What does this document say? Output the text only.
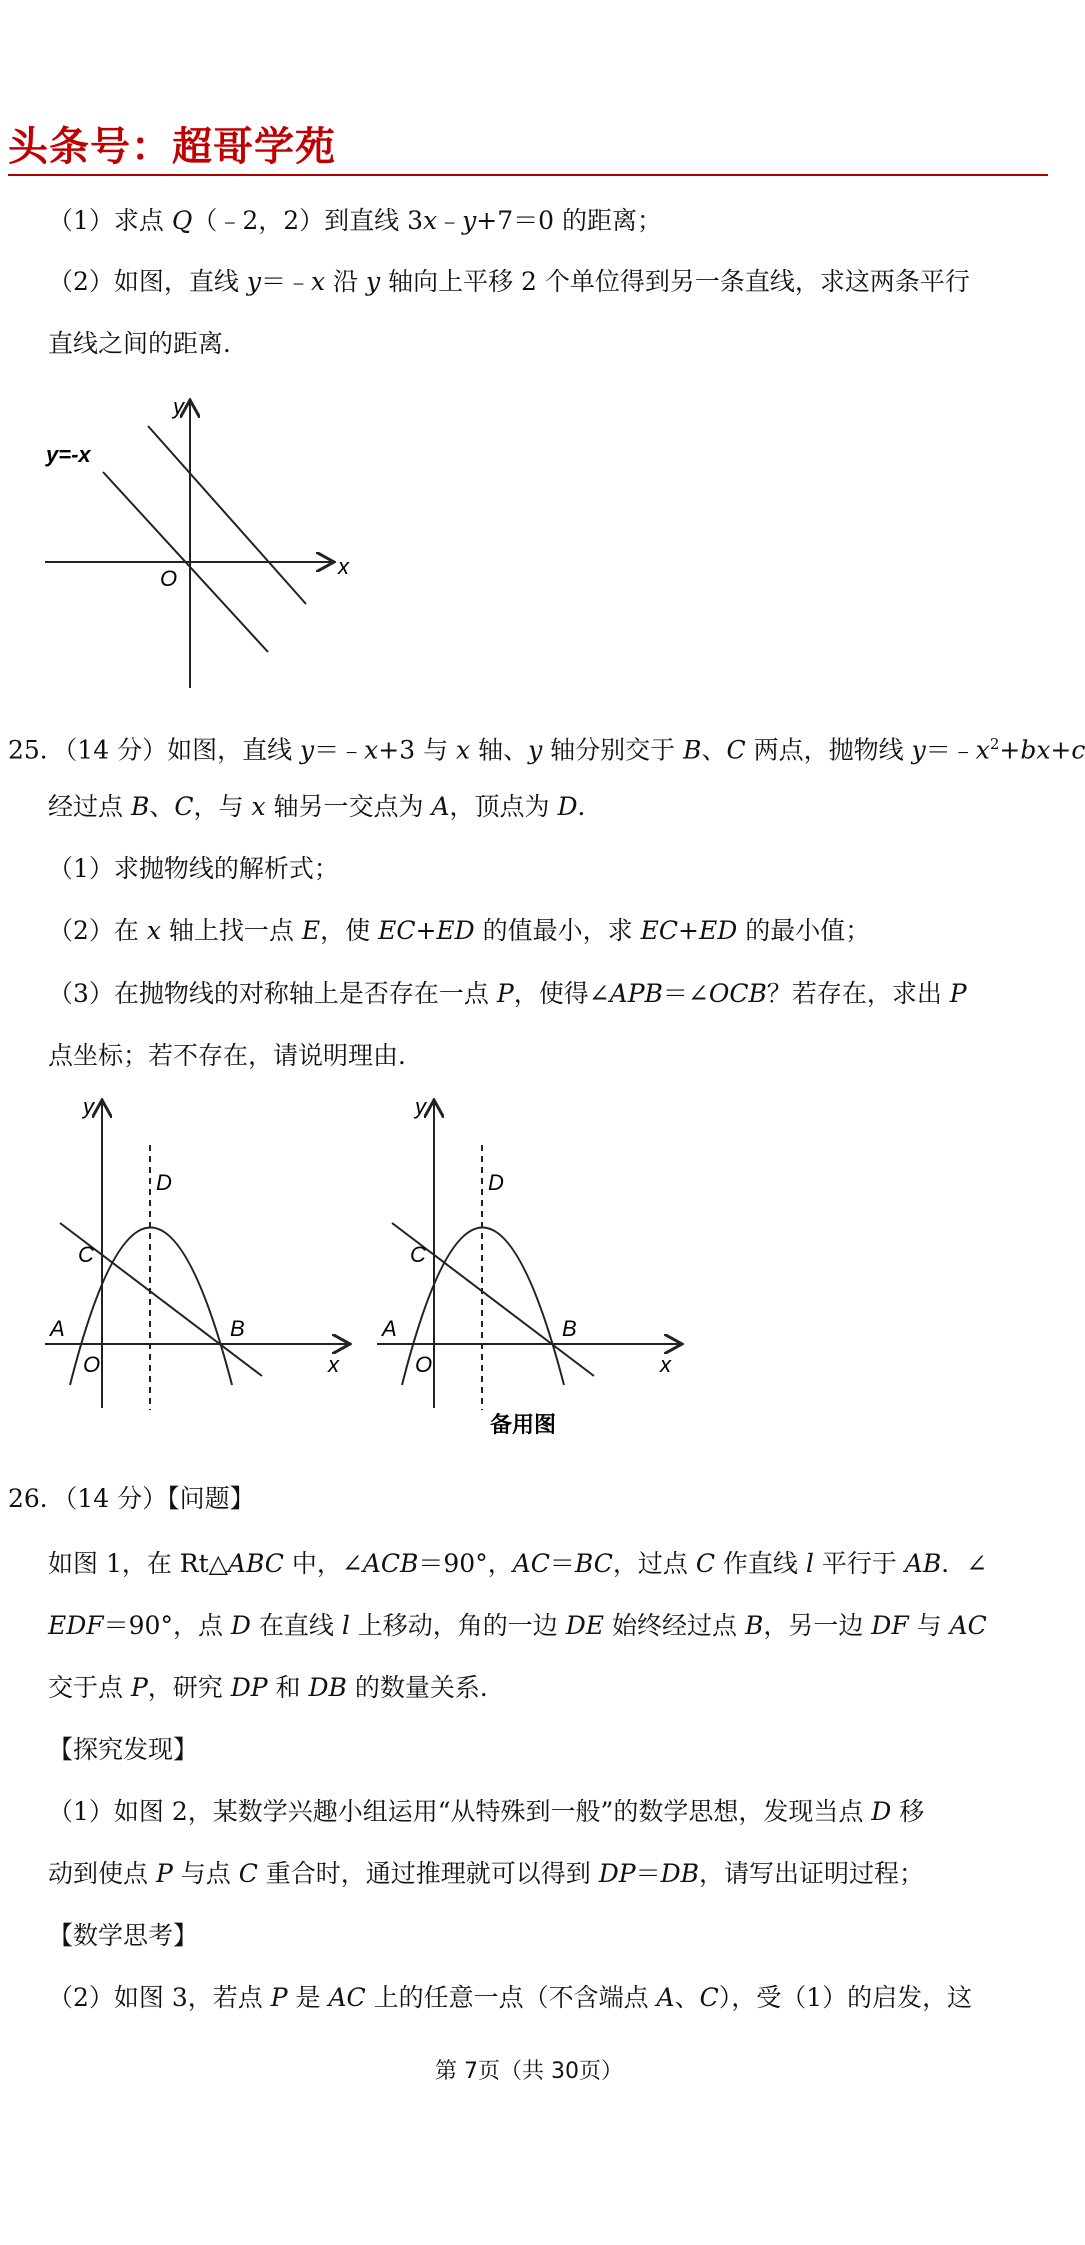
头条号：超哥学苑
（1）求点 Q（﹣2，2）到直线 3x﹣y+7＝0 的距离；
（2）如图，直线 y＝﹣x 沿 y 轴向上平移 2 个单位得到另一条直线，求这两条平行
直线之间的距离．
y=-x
y
x
O
25．（14 分）如图，直线 y＝﹣x+3 与 x 轴、y 轴分别交于 B、C 两点，抛物线 $y=﹣x^2+bx+c$
经过点 B、C，与 x 轴另一交点为 A，顶点为 D．
（1）求抛物线的解析式；
（2）在 x 轴上找一点 E，使 EC+ED 的值最小，求 EC+ED 的最小值；
（3）在抛物线的对称轴上是否存在一点 P，使得∠APB＝∠OCB？若存在，求出 P
点坐标；若不存在，请说明理由．
y
x
D
C
B
A
O
y
x
D
C
B
A
O
备用图
26．（14 分）【问题】
如图 1，在 Rt△ABC 中，∠ACB＝90°，AC＝BC，过点 C 作直线 l 平行于 AB．∠
EDF＝90°，点 D 在直线 l 上移动，角的一边 DE 始终经过点 B，另一边 DF 与 AC
交于点 P，研究 DP 和 DB 的数量关系．
【探究发现】
（1）如图 2，某数学兴趣小组运用“从特殊到一般”的数学思想，发现当点 D 移
动到使点 P 与点 C 重合时，通过推理就可以得到 DP＝DB，请写出证明过程；
【数学思考】
（2）如图 3，若点 P 是 AC 上的任意一点（不含端点 A、C），受（1）的启发，这
第 7页（共 30页）
